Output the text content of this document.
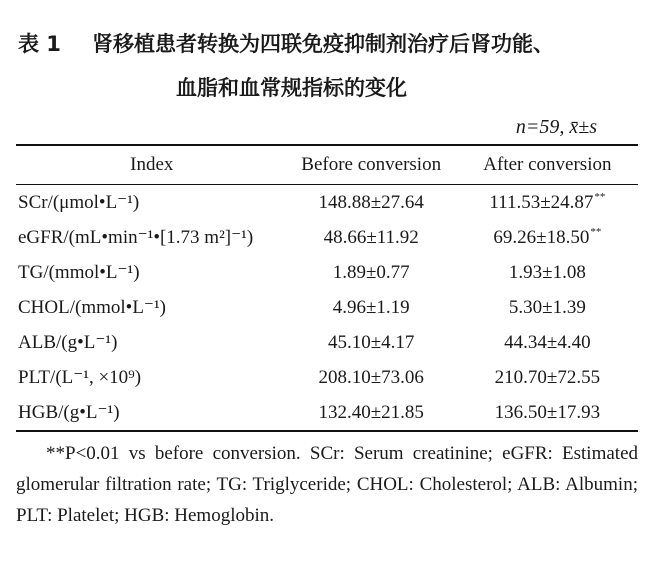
表 1 肾移植患者转换为四联免疫抑制剂治疗后肾功能、
血脂和血常规指标的变化
n=59, x̄±s
Index	Before conversion	After conversion
SCr/(μmol•L⁻¹)	148.88±27.64	111.53±24.87**
eGFR/(mL•min⁻¹•[1.73 m²]⁻¹)	48.66±11.92	69.26±18.50**
TG/(mmol•L⁻¹)	1.89±0.77	1.93±1.08
CHOL/(mmol•L⁻¹)	4.96±1.19	5.30±1.39
ALB/(g•L⁻¹)	45.10±4.17	44.34±4.40
PLT/(L⁻¹, ×10⁹)	208.10±73.06	210.70±72.55
HGB/(g•L⁻¹)	132.40±21.85	136.50±17.93
**P<0.01 vs before conversion. SCr: Serum creatinine; eGFR: Estimated glomerular filtration rate; TG: Triglyceride; CHOL: Cholesterol; ALB: Albumin; PLT: Platelet; HGB: Hemoglobin.
